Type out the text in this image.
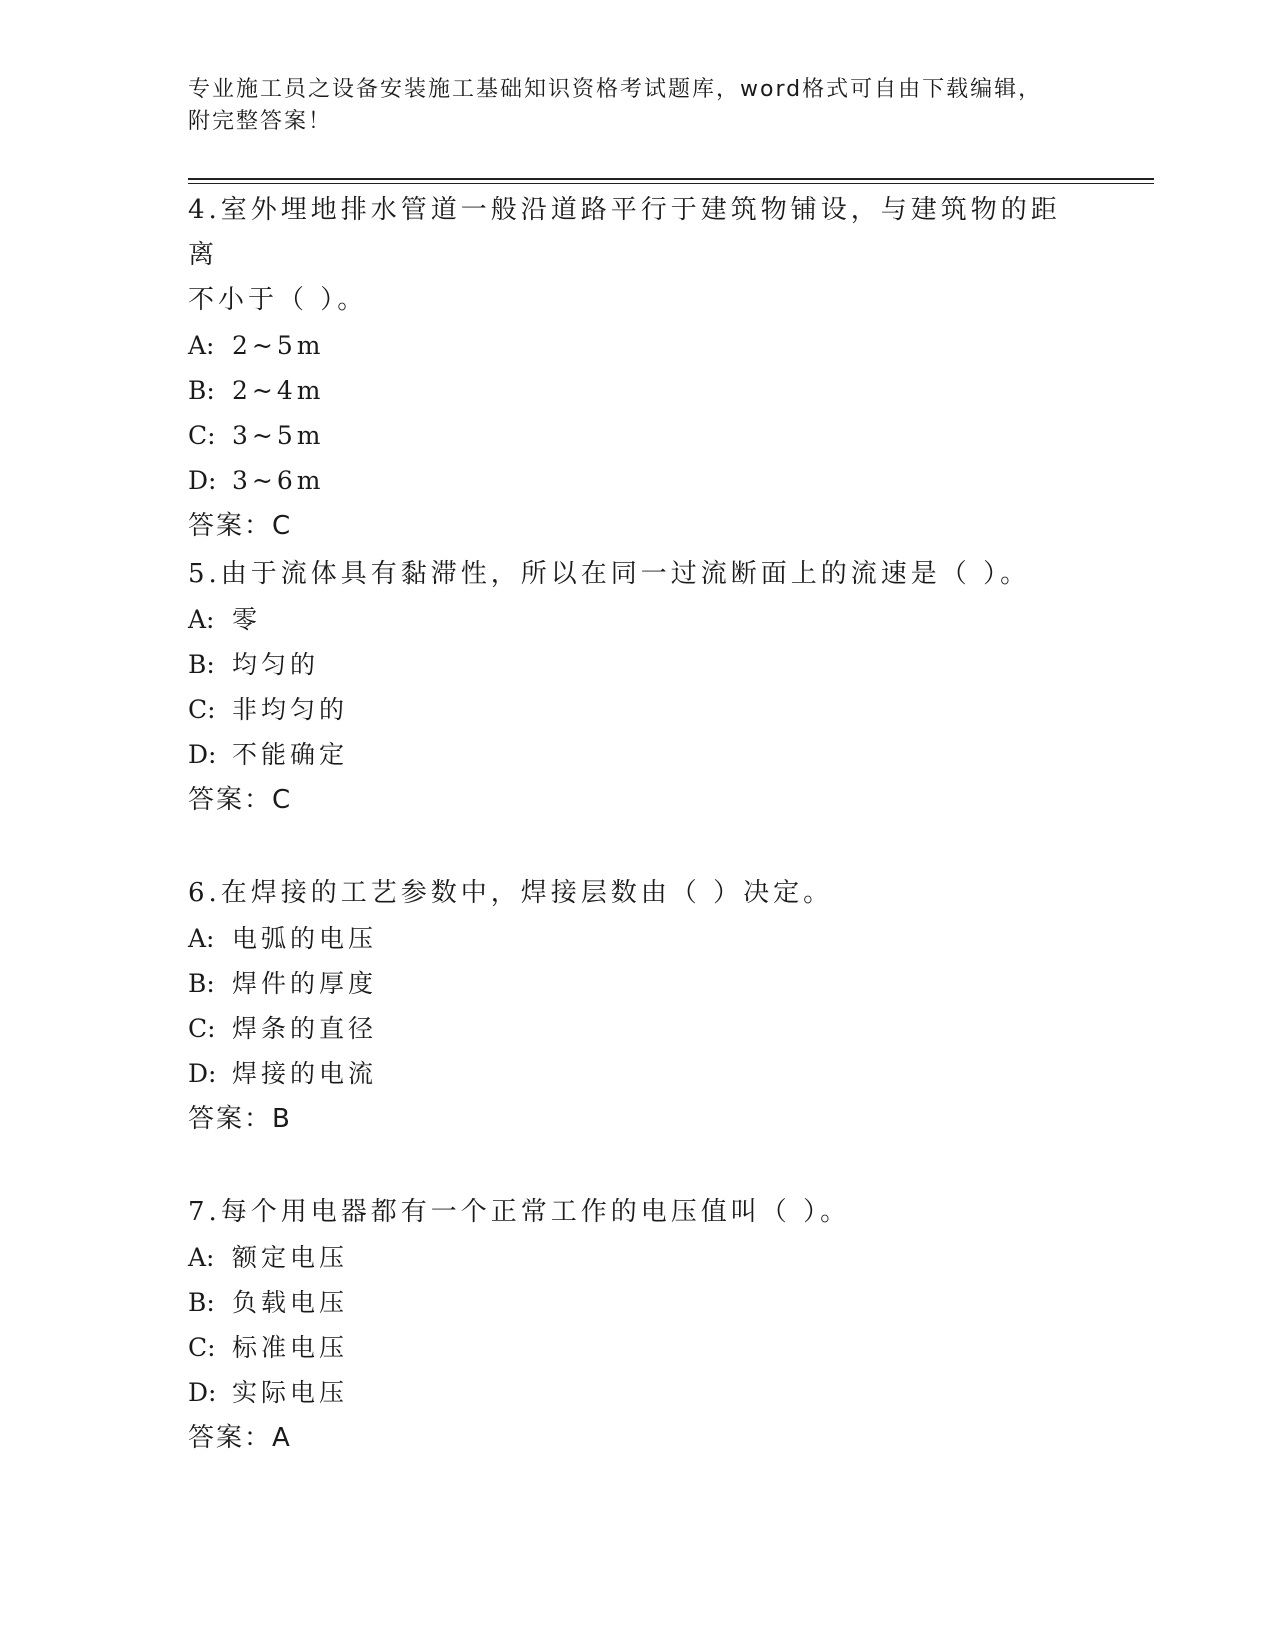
专业施工员之设备安装施工基础知识资格考试题库，word格式可自由下载编辑，
附完整答案！

4.室外埋地排水管道一般沿道路平行于建筑物铺设，与建筑物的距离
不小于（ ）。

A: 2~5m

B: 2~4m

C: 3~5m

D: 3~6m

答案：C

5.由于流体具有黏滞性，所以在同一过流断面上的流速是（ ）。

A: 零

B: 均匀的

C: 非均匀的

D: 不能确定

答案：C

6.在焊接的工艺参数中，焊接层数由（ ）决定。

A: 电弧的电压

B: 焊件的厚度

C: 焊条的直径

D: 焊接的电流

答案：B

7.每个用电器都有一个正常工作的电压值叫（ ）。

A: 额定电压

B: 负载电压

C: 标准电压

D: 实际电压

答案：A
